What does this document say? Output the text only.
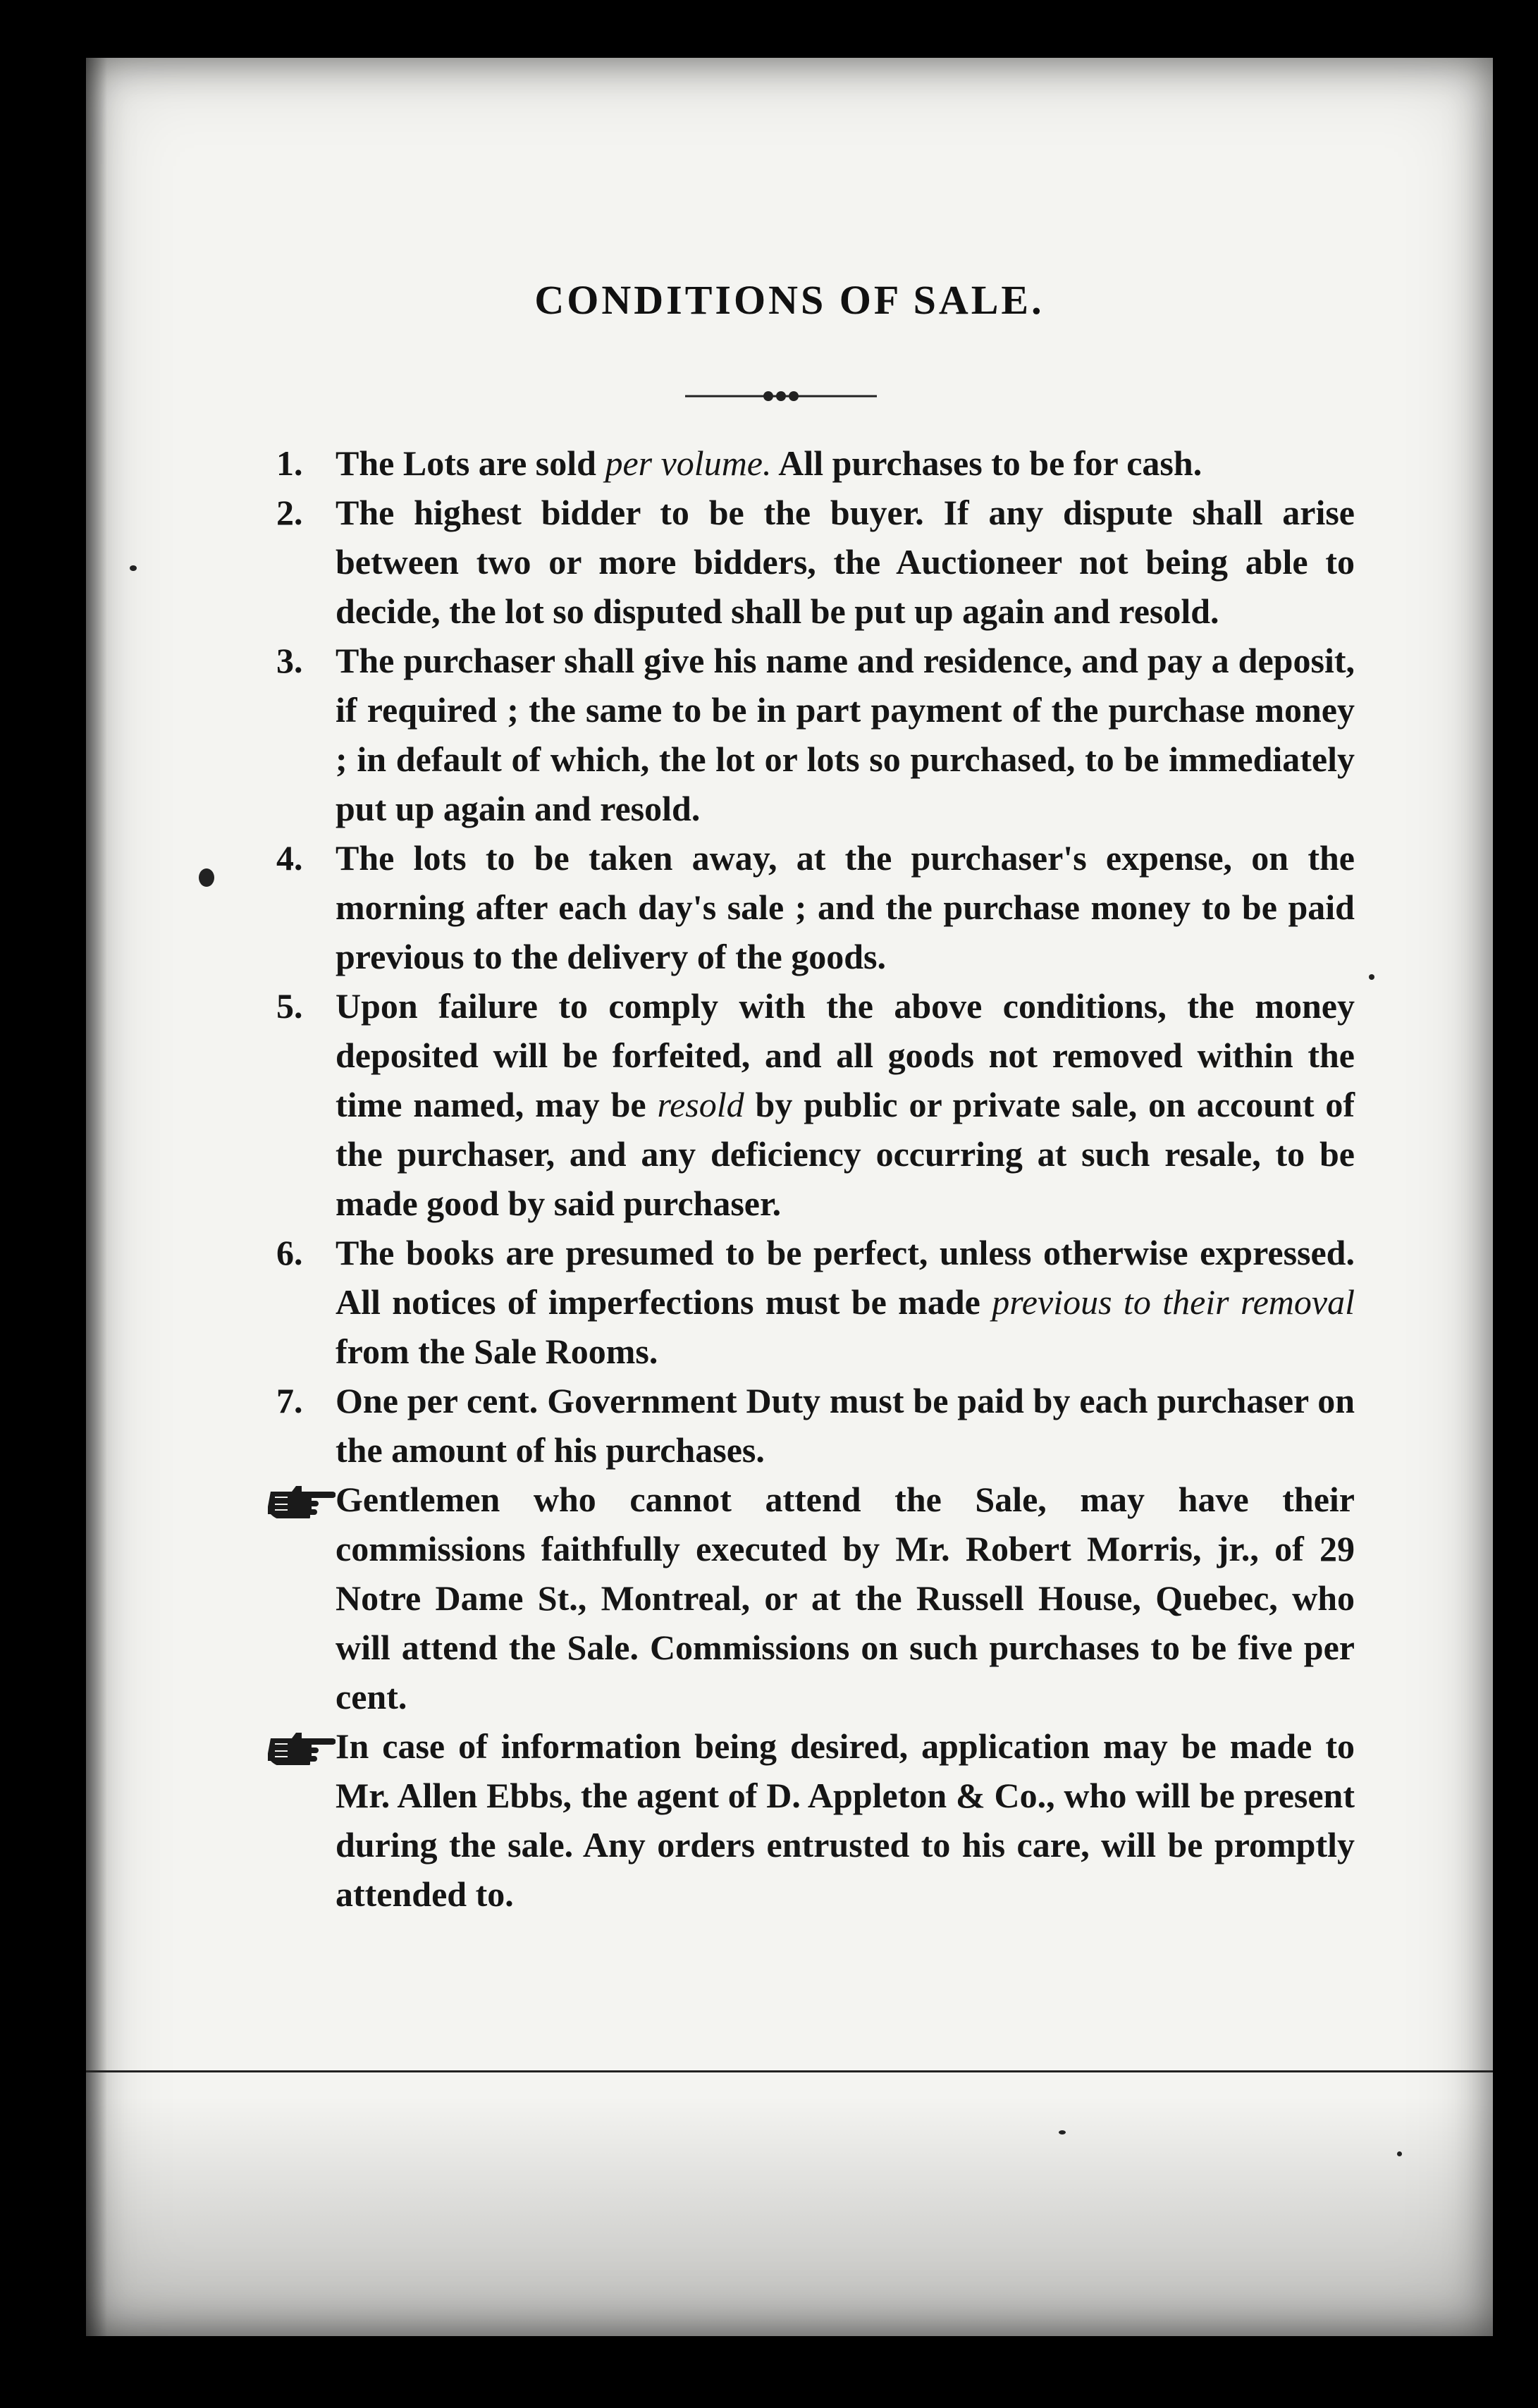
CONDITIONS OF SALE.
1. The Lots are sold per volume. All purchases to be for cash.
2. The highest bidder to be the buyer. If any dispute shall arise between two or more bidders, the Auctioneer not being able to decide, the lot so disputed shall be put up again and resold.
3. The purchaser shall give his name and residence, and pay a deposit, if required ; the same to be in part payment of the purchase money ; in default of which, the lot or lots so purchased, to be immediately put up again and resold.
4. The lots to be taken away, at the purchaser's expense, on the morning after each day's sale ; and the purchase money to be paid previous to the delivery of the goods.
5. Upon failure to comply with the above conditions, the money deposited will be forfeited, and all goods not removed within the time named, may be resold by public or private sale, on account of the purchaser, and any deficiency occurring at such resale, to be made good by said purchaser.
6. The books are presumed to be perfect, unless otherwise expressed. All notices of imperfections must be made previous to their removal from the Sale Rooms.
7. One per cent. Government Duty must be paid by each purchaser on the amount of his purchases.
Gentlemen who cannot attend the Sale, may have their commissions faithfully executed by Mr. Robert Morris, jr., of 29 Notre Dame St., Montreal, or at the Russell House, Quebec, who will attend the Sale. Commissions on such purchases to be five per cent.
In case of information being desired, application may be made to Mr. Allen Ebbs, the agent of D. Appleton & Co., who will be present during the sale. Any orders entrusted to his care, will be promptly attended to.
